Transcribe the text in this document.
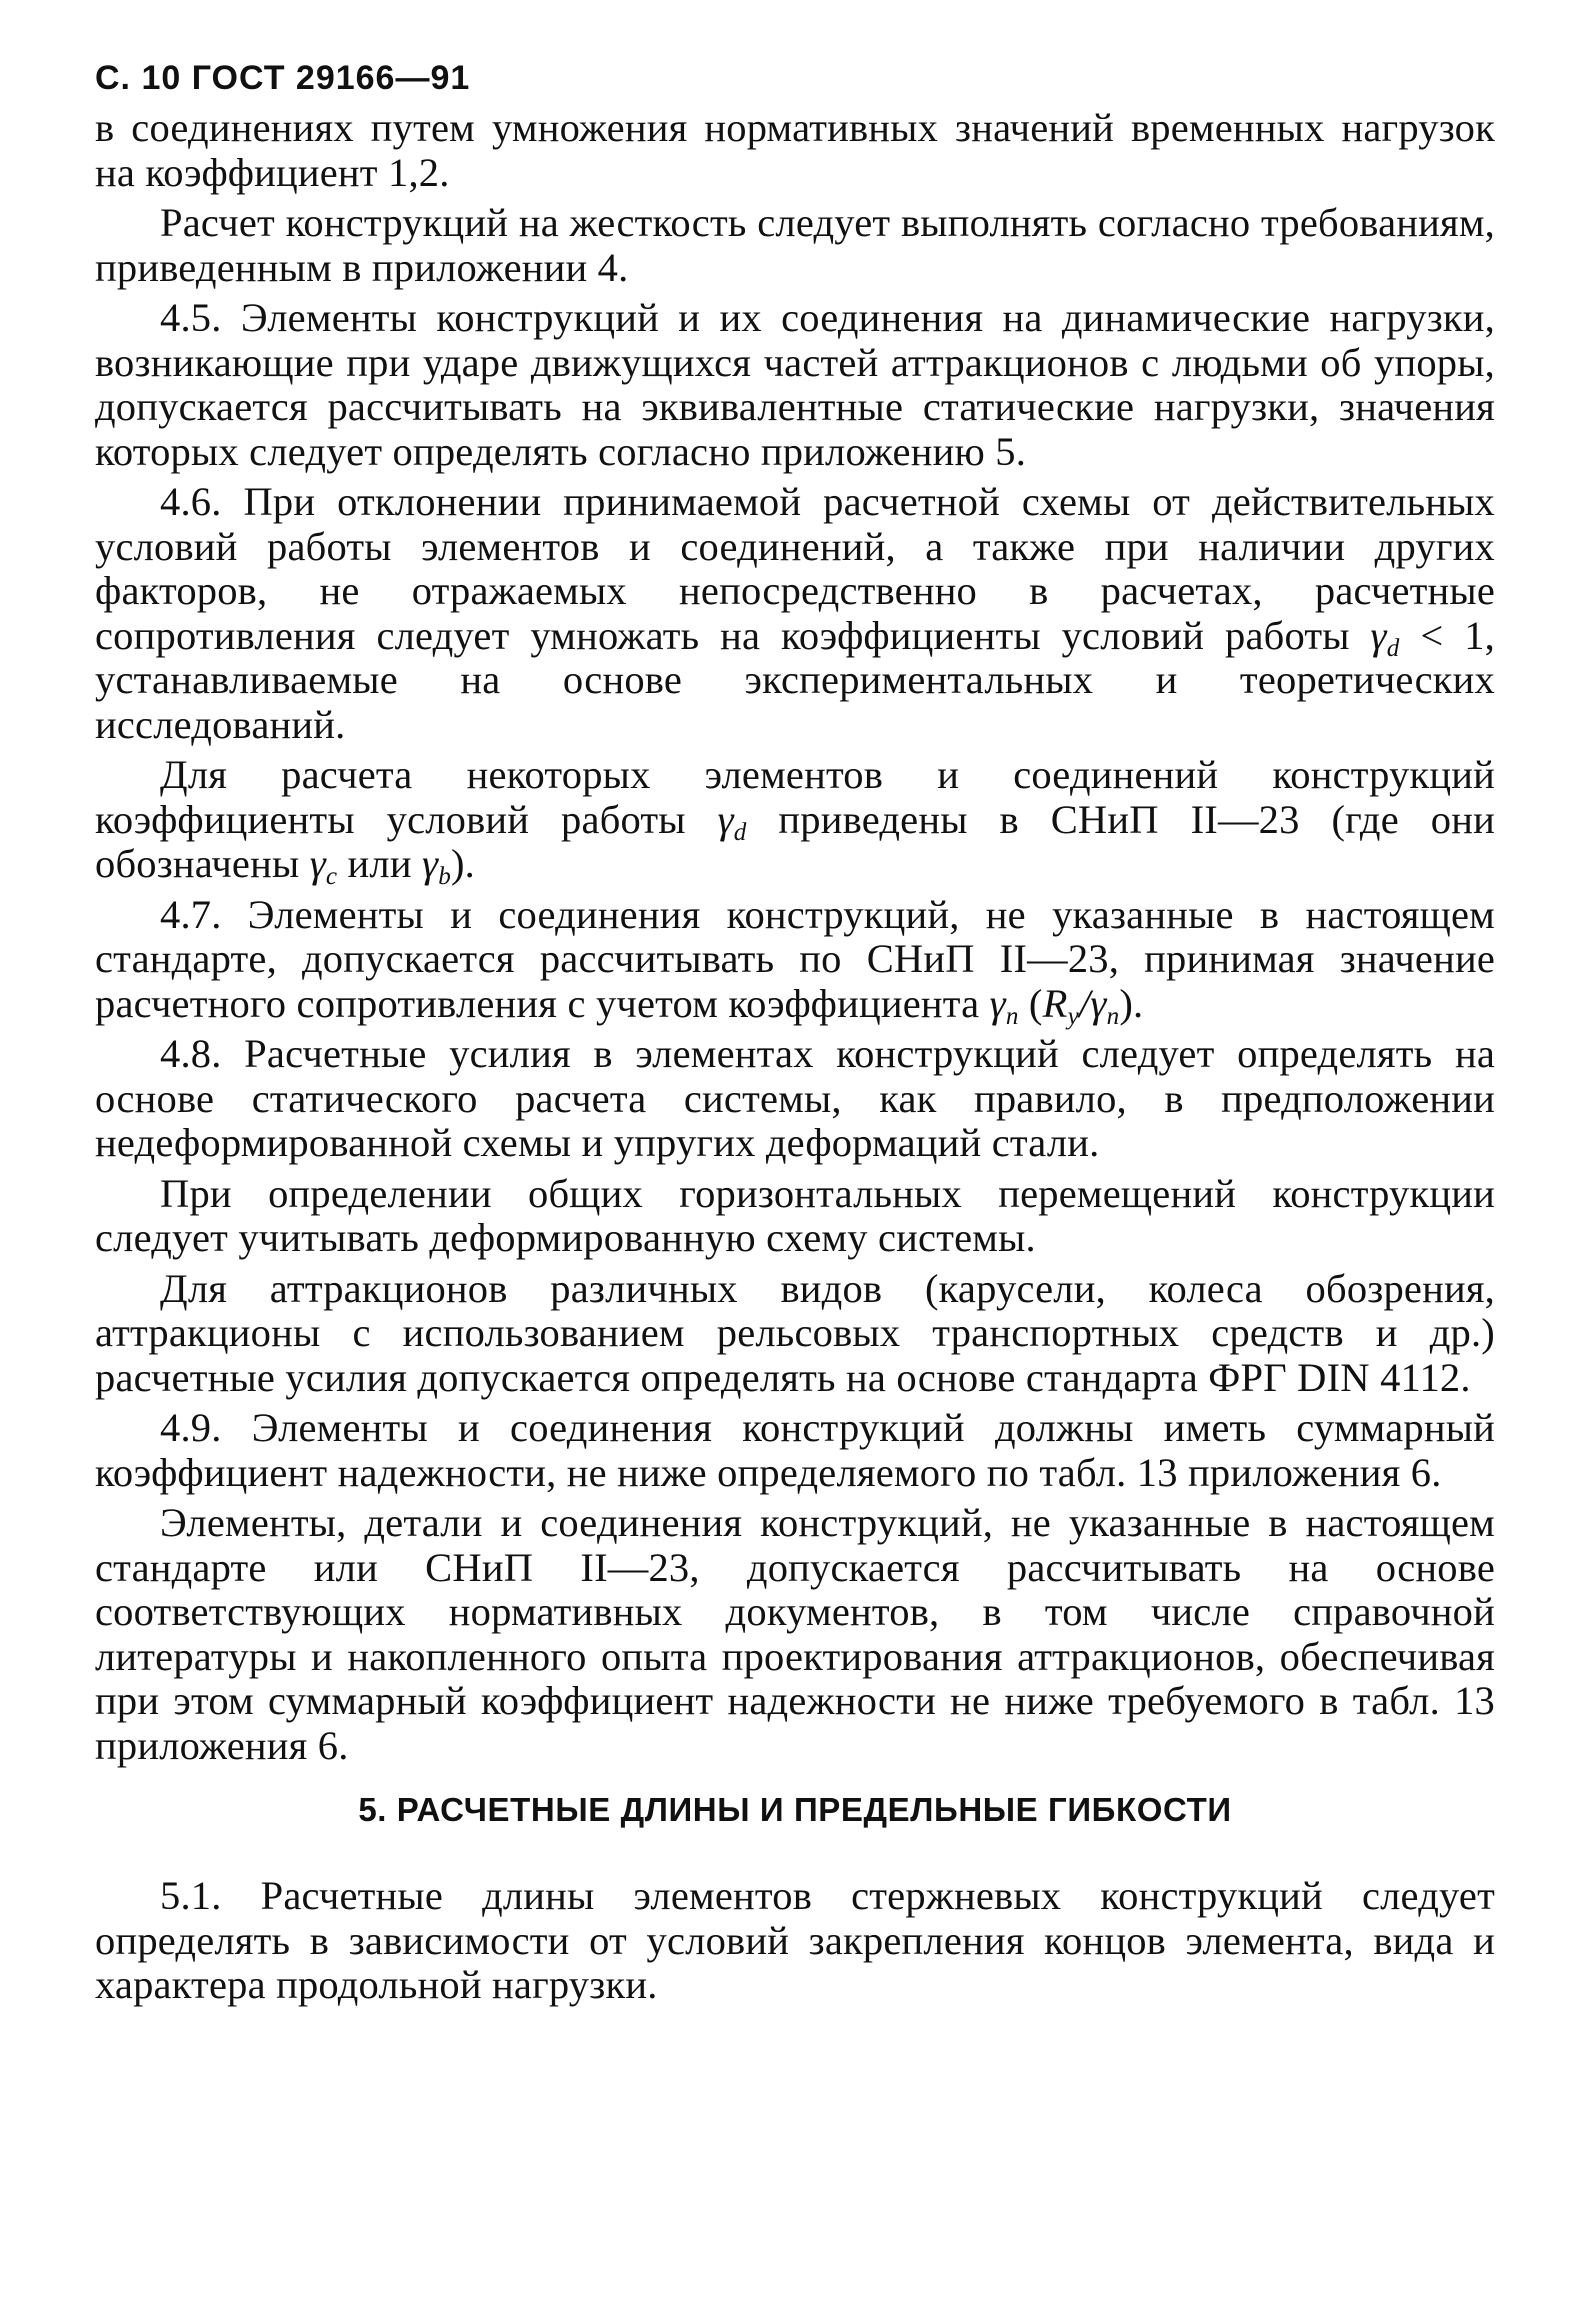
С. 10 ГОСТ 29166—91

в соединениях путем умножения нормативных значений временных нагрузок на коэффициент 1,2.

Расчет конструкций на жесткость следует выполнять согласно требованиям, приведенным в приложении 4.

4.5. Элементы конструкций и их соединения на динамические нагрузки, возникающие при ударе движущихся частей аттракционов с людьми об упоры, допускается рассчитывать на эквивалентные статические нагрузки, значения которых следует определять согласно приложению 5.

4.6. При отклонении принимаемой расчетной схемы от действительных условий работы элементов и соединений, а также при наличии других факторов, не отражаемых непосредственно в расчетах, расчетные сопротивления следует умножать на коэффициенты условий работы $\gamma_d < 1$, устанавливаемые на основе экспериментальных и теоретических исследований.

Для расчета некоторых элементов и соединений конструкций коэффициенты условий работы $\gamma_d$ приведены в СНиП II—23 (где они обозначены $\gamma_c$ или $\gamma_b$).

4.7. Элементы и соединения конструкций, не указанные в настоящем стандарте, допускается рассчитывать по СНиП II—23, принимая значение расчетного сопротивления с учетом коэффициента $\gamma_n$ $(R_y/\gamma_n)$.

4.8. Расчетные усилия в элементах конструкций следует определять на основе статического расчета системы, как правило, в предположении недеформированной схемы и упругих деформаций стали.

При определении общих горизонтальных перемещений конструкции следует учитывать деформированную схему системы.

Для аттракционов различных видов (карусели, колеса обозрения, аттракционы с использованием рельсовых транспортных средств и др.) расчетные усилия допускается определять на основе стандарта ФРГ DIN 4112.

4.9. Элементы и соединения конструкций должны иметь суммарный коэффициент надежности, не ниже определяемого по табл. 13 приложения 6.

Элементы, детали и соединения конструкций, не указанные в настоящем стандарте или СНиП II—23, допускается рассчитывать на основе соответствующих нормативных документов, в том числе справочной литературы и накопленного опыта проектирования аттракционов, обеспечивая при этом суммарный коэффициент надежности не ниже требуемого в табл. 13 приложения 6.

5. РАСЧЕТНЫЕ ДЛИНЫ И ПРЕДЕЛЬНЫЕ ГИБКОСТИ

5.1. Расчетные длины элементов стержневых конструкций следует определять в зависимости от условий закрепления концов элемента, вида и характера продольной нагрузки.
